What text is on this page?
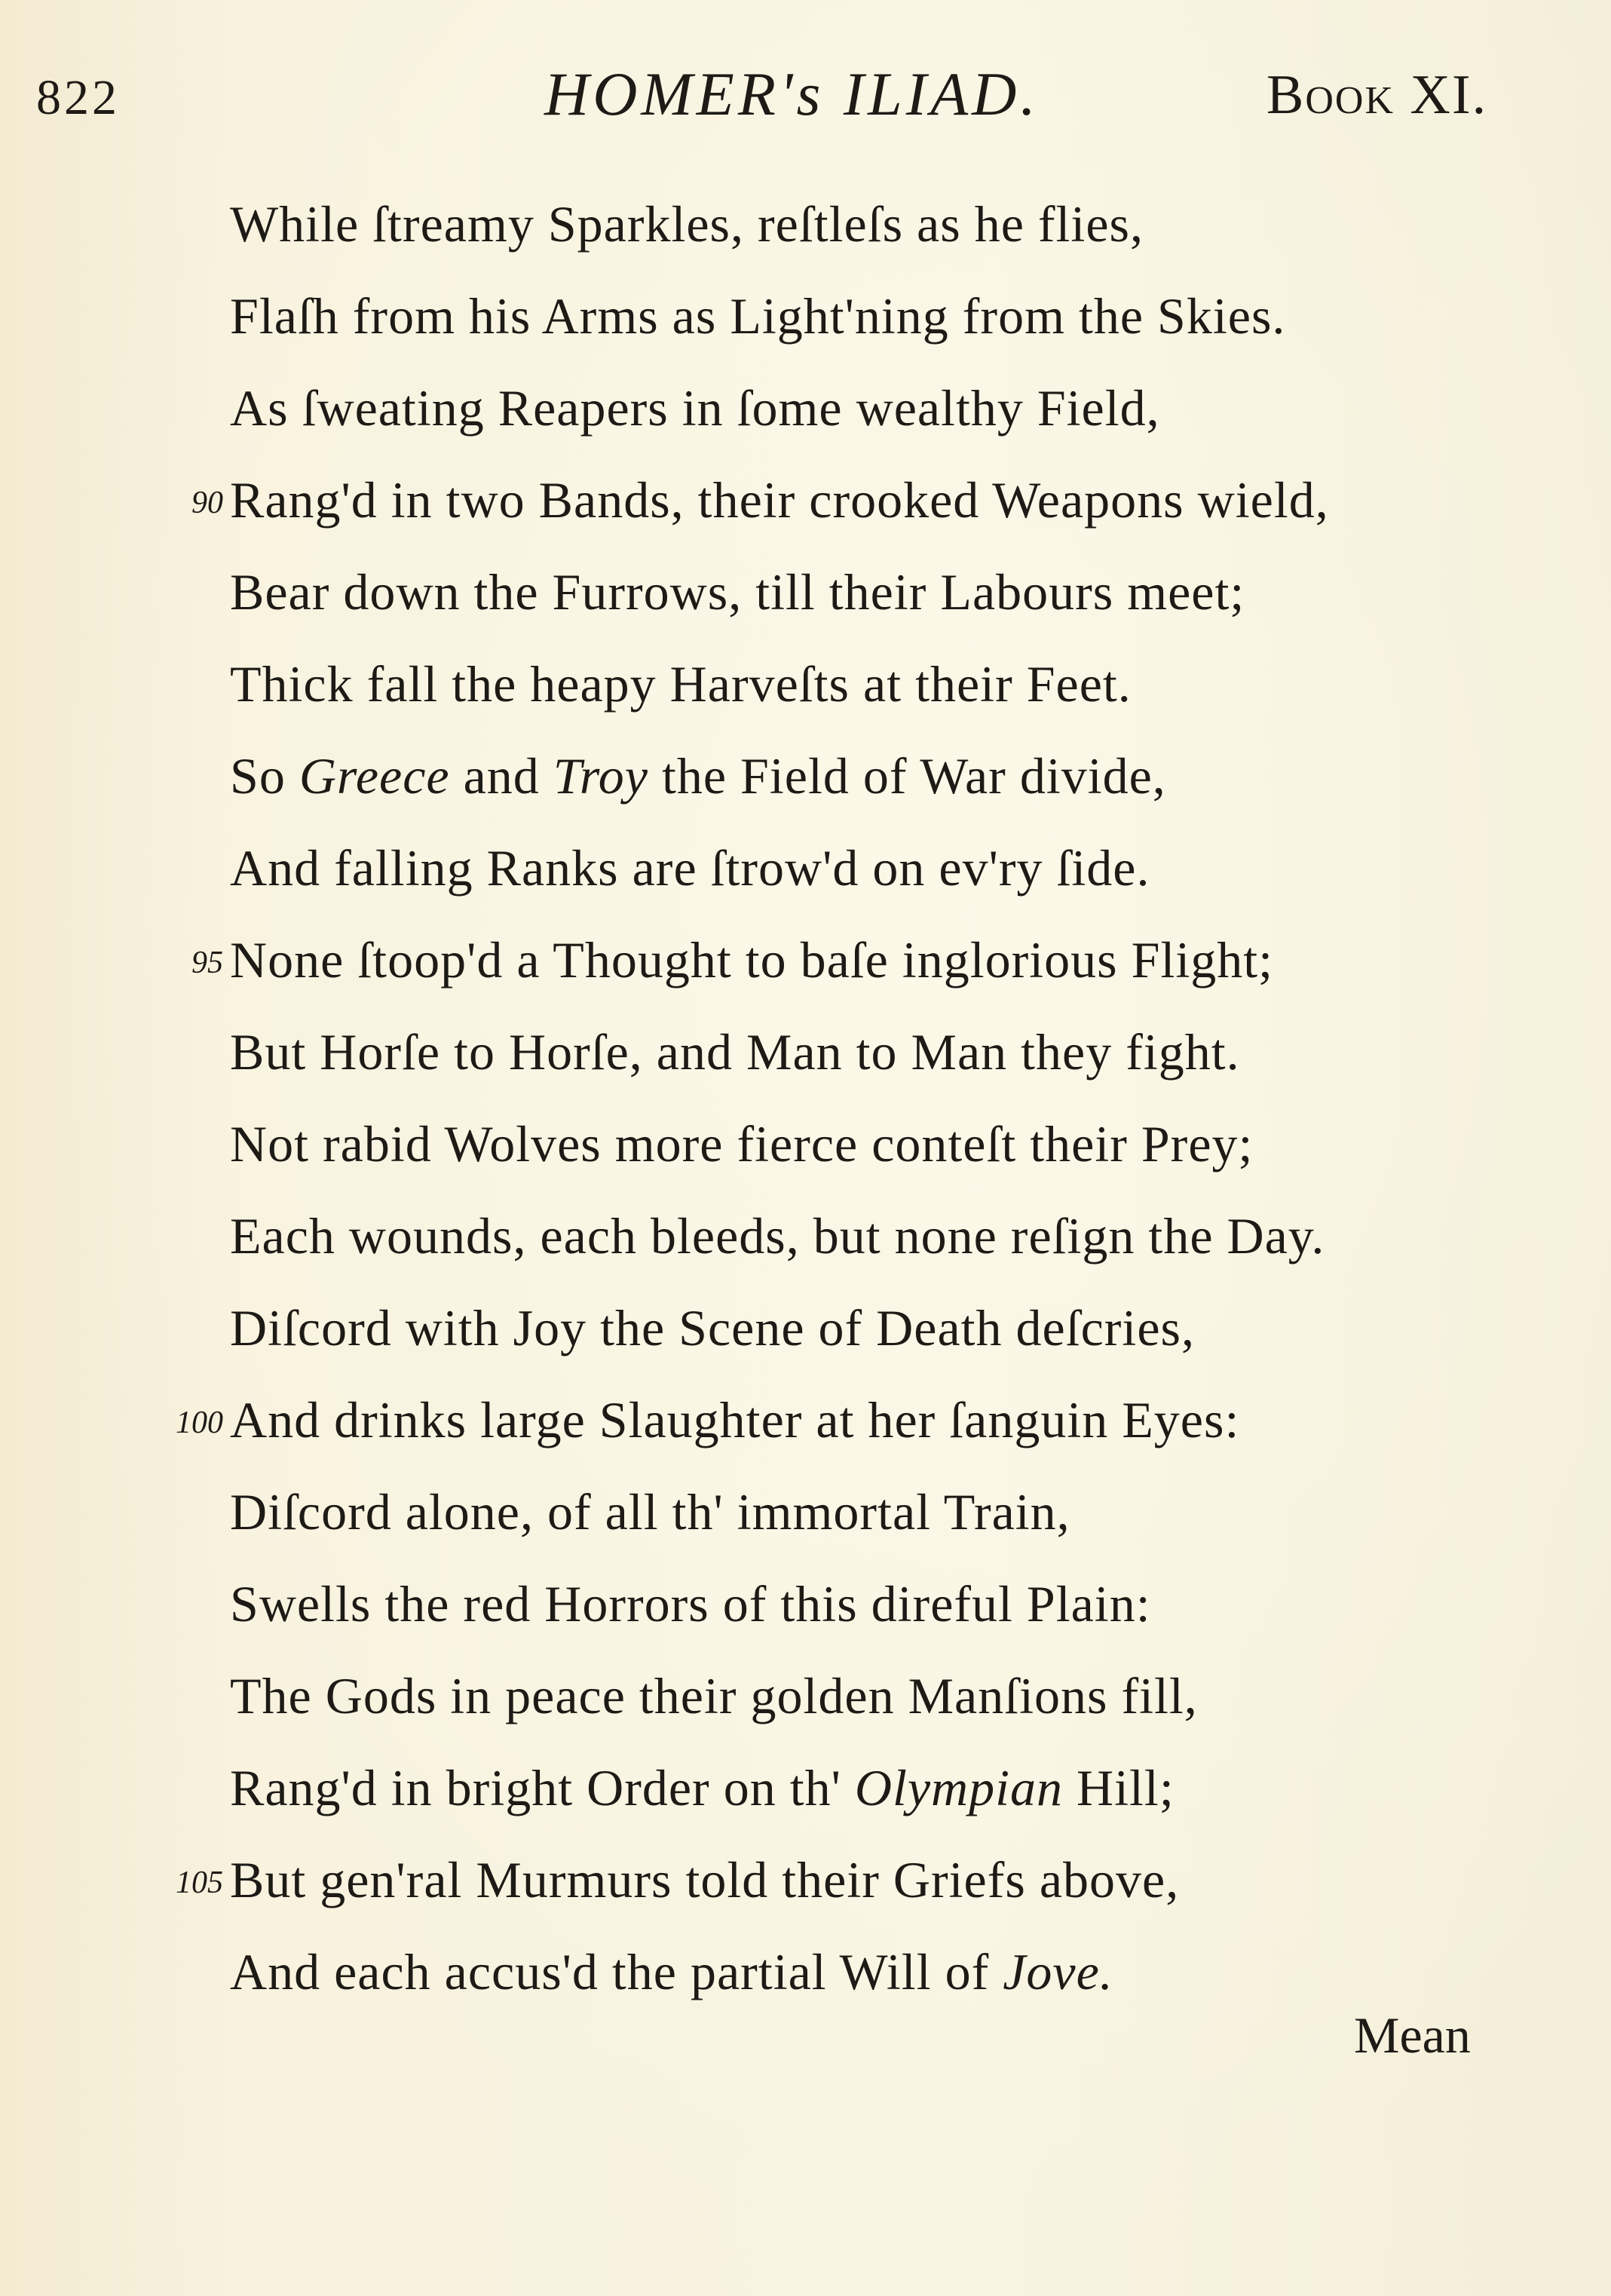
822	HOMER's ILIAD.	Book XI.
While ſtreamy Sparkles, reſtleſs as he flies,
Flaſh from his Arms as Light'ning from the Skies.
As ſweating Reapers in ſome wealthy Field,
90 Rang'd in two Bands, their crooked Weapons wield,
Bear down the Furrows, till their Labours meet;
Thick fall the heapy Harveſts at their Feet.
So Greece and Troy the Field of War divide,
And falling Ranks are ſtrow'd on ev'ry ſide.
95 None ſtoop'd a Thought to baſe inglorious Flight;
But Horſe to Horſe, and Man to Man they fight.
Not rabid Wolves more fierce conteſt their Prey;
Each wounds, each bleeds, but none reſign the Day.
Diſcord with Joy the Scene of Death deſcries,
100 And drinks large Slaughter at her ſanguin Eyes:
Diſcord alone, of all th' immortal Train,
Swells the red Horrors of this direful Plain:
The Gods in peace their golden Manſions fill,
Rang'd in bright Order on th' Olympian Hill;
105 But gen'ral Murmurs told their Griefs above,
And each accus'd the partial Will of Jove.
Mean
